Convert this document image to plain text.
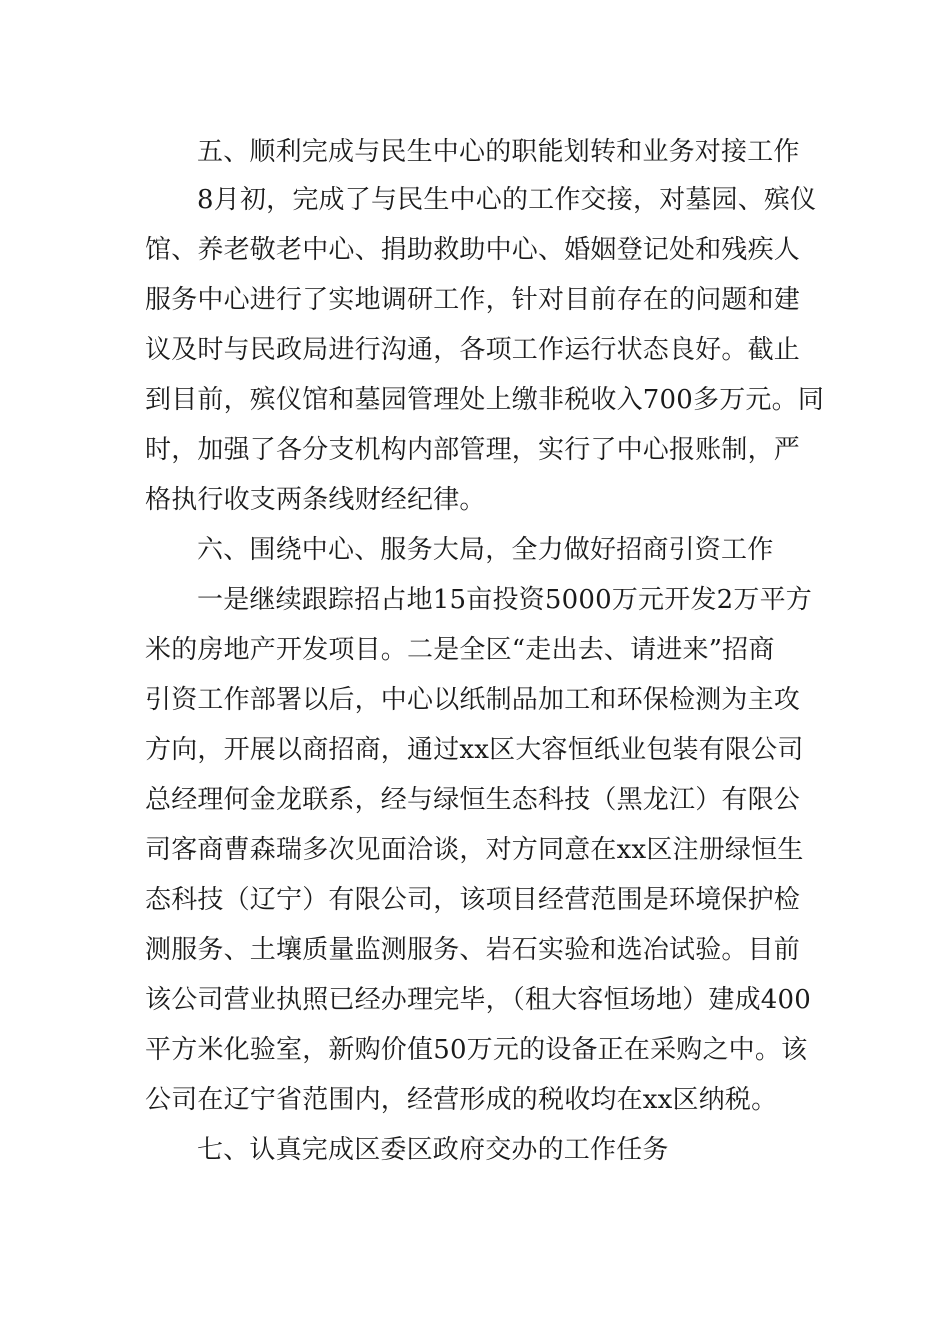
五、顺利完成与民生中心的职能划转和业务对接工作
8月初，完成了与民生中心的工作交接，对墓园、殡仪
馆、养老敬老中心、捐助救助中心、婚姻登记处和残疾人
服务中心进行了实地调研工作，针对目前存在的问题和建
议及时与民政局进行沟通，各项工作运行状态良好。截止
到目前，殡仪馆和墓园管理处上缴非税收入700多万元。同
时，加强了各分支机构内部管理，实行了中心报账制，严
格执行收支两条线财经纪律。
六、围绕中心、服务大局，全力做好招商引资工作
一是继续跟踪招占地15亩投资5000万元开发2万平方
米的房地产开发项目。二是全区“走出去、请进来”招商
引资工作部署以后，中心以纸制品加工和环保检测为主攻
方向，开展以商招商，通过xx区大容恒纸业包装有限公司
总经理何金龙联系，经与绿恒生态科技（黑龙江）有限公
司客商曹森瑞多次见面洽谈，对方同意在xx区注册绿恒生
态科技（辽宁）有限公司，该项目经营范围是环境保护检
测服务、土壤质量监测服务、岩石实验和选冶试验。目前
该公司营业执照已经办理完毕，（租大容恒场地）建成400
平方米化验室，新购价值50万元的设备正在采购之中。该
公司在辽宁省范围内，经营形成的税收均在xx区纳税。
七、认真完成区委区政府交办的工作任务
